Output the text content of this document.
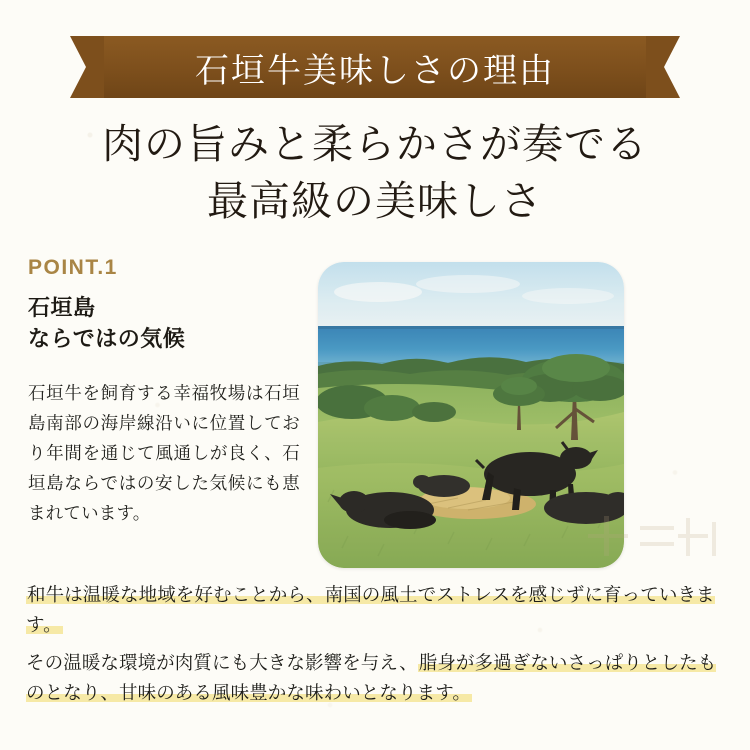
石垣牛美味しさの理由
肉の旨みと柔らかさが奏でる
最高級の美味しさ
POINT.1
石垣島
ならではの気候
石垣牛を飼育する幸福牧場は石垣島南部の海岸線沿いに位置しており年間を通じて風通しが良く、石垣島ならではの安した気候にも恵まれています。
和牛は温暖な地域を好むことから、南国の風土でストレスを感じずに育っていきます。
その温暖な環境が肉質にも大きな影響を与え、脂身が多過ぎないさっぱりとしたものとなり、甘味のある風味豊かな味わいとなります。
